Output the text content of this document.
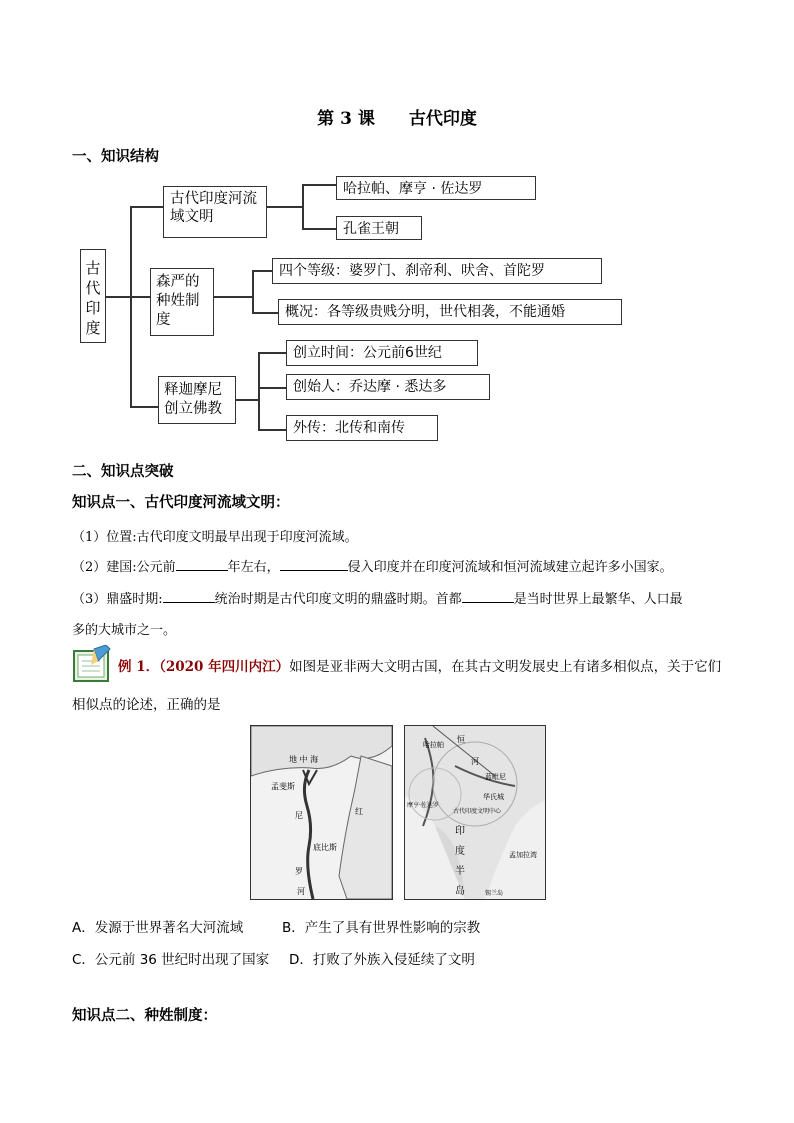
第 3 课　　古代印度
一、知识结构
古代印度
古代印度河流域文明
哈拉帕、摩亨 · 佐达罗
孔雀王朝
森严的种姓制度
四个等级：婆罗门、刹帝利、吠舍、首陀罗
概况：各等级贵贱分明，世代相袭，不能通婚
释迦摩尼创立佛教
创立时间：公元前6世纪
创始人：乔达摩 · 悉达多
外传：北传和南传
二、知识点突破
知识点一、古代印度河流域文明：
（1）位置:古代印度文明最早出现于印度河流域。
（2）建国:公元前	年左右，	侵入印度并在印度河流域和恒河流域建立起许多小国家。
（3）鼎盛时期:	统治时期是古代印度文明的鼎盛时期。首都	是当时世界上最繁华、人口最
多的大城市之一。
例 1．（2020 年四川内江）如图是亚非两大文明古国，在其古文明发展史上有诸多相似点，关于它们
相似点的论述，正确的是
地 中 海
孟斐斯
底比斯
红
尼
罗
河
哈拉帕
恒
河
蓝毗尼
华氏城
摩亨·佐达罗
古代印度文明中心
印
度
半
岛
孟加拉湾
锡兰岛
A．发源于世界著名大河流域	B．产生了具有世界性影响的宗教
C．公元前 36 世纪时出现了国家 D．打败了外族入侵延续了文明
知识点二、种姓制度：
